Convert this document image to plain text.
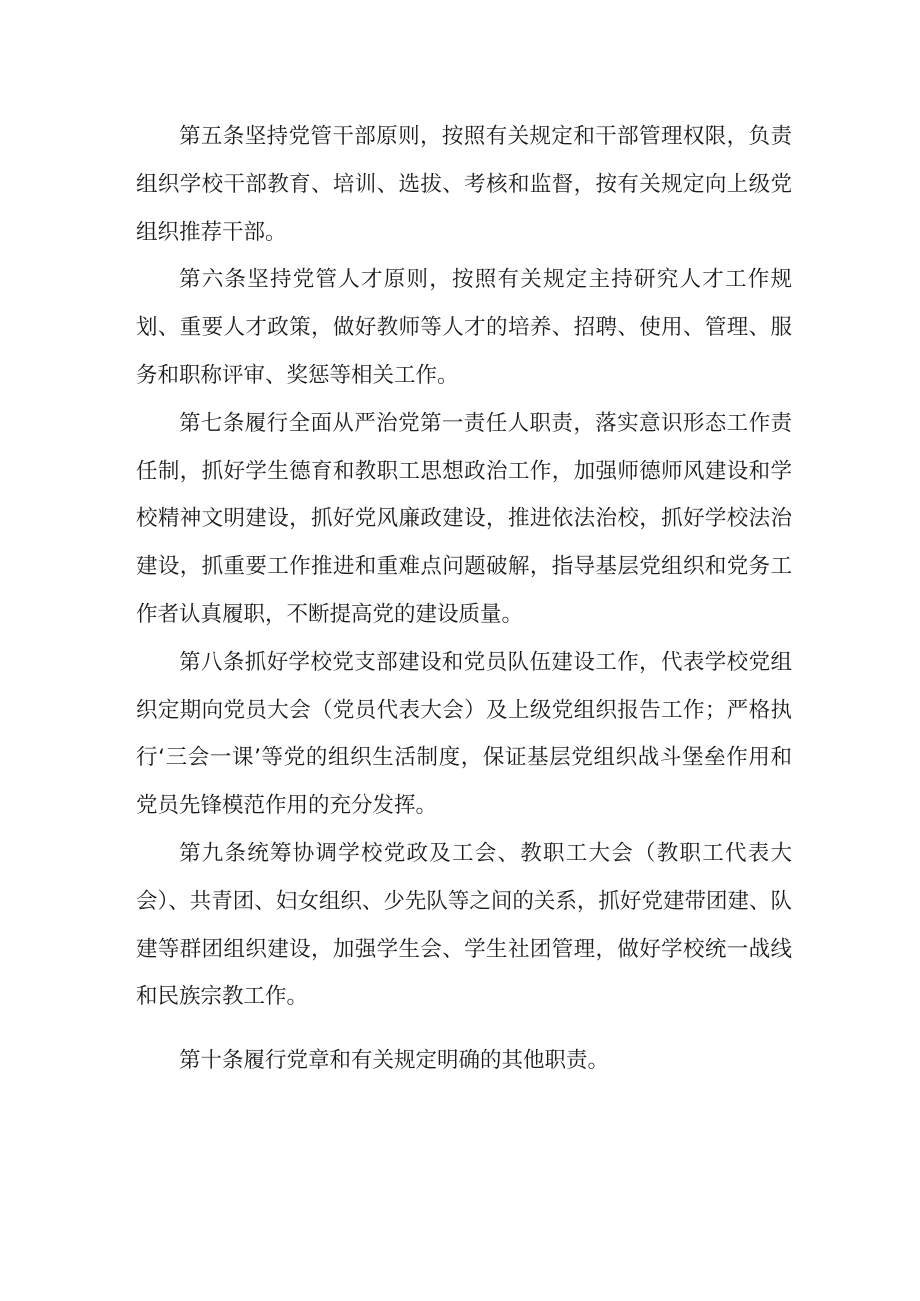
第五条坚持党管干部原则，按照有关规定和干部管理权限，负责组织学校干部教育、培训、选拔、考核和监督，按有关规定向上级党组织推荐干部。

第六条坚持党管人才原则，按照有关规定主持研究人才工作规划、重要人才政策，做好教师等人才的培养、招聘、使用、管理、服务和职称评审、奖惩等相关工作。

第七条履行全面从严治党第一责任人职责，落实意识形态工作责任制，抓好学生德育和教职工思想政治工作，加强师德师风建设和学校精神文明建设，抓好党风廉政建设，推进依法治校，抓好学校法治建设，抓重要工作推进和重难点问题破解，指导基层党组织和党务工作者认真履职，不断提高党的建设质量。

第八条抓好学校党支部建设和党员队伍建设工作，代表学校党组织定期向党员大会（党员代表大会）及上级党组织报告工作；严格执行‘三会一课’等党的组织生活制度，保证基层党组织战斗堡垒作用和党员先锋模范作用的充分发挥。

第九条统筹协调学校党政及工会、教职工大会（教职工代表大会）、共青团、妇女组织、少先队等之间的关系，抓好党建带团建、队建等群团组织建设，加强学生会、学生社团管理，做好学校统一战线和民族宗教工作。

第十条履行党章和有关规定明确的其他职责。
